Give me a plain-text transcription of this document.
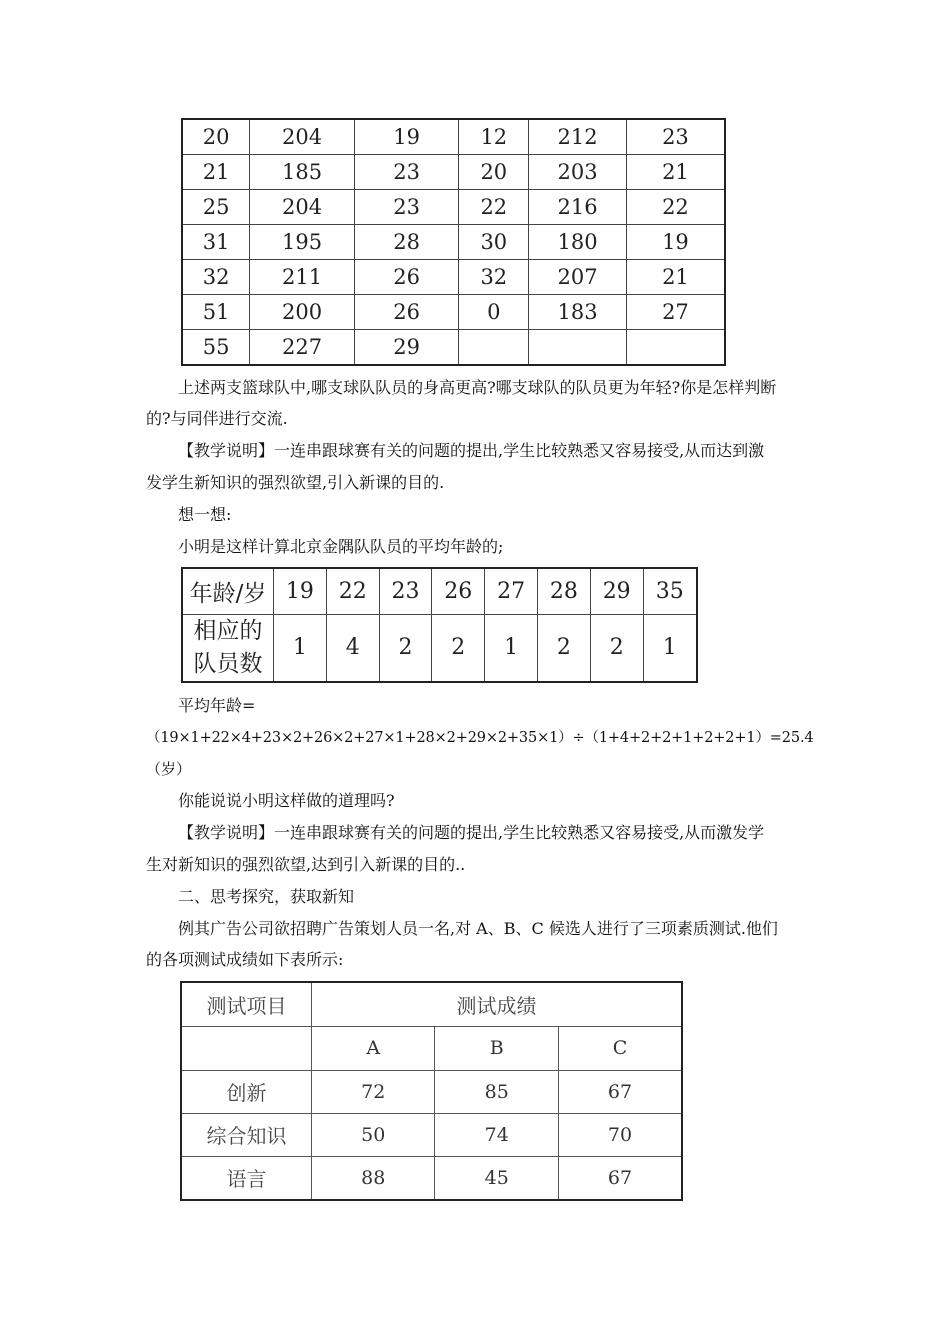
20	204	19	12	212	23
21	185	23	20	203	21
25	204	23	22	216	22
31	195	28	30	180	19
32	211	26	32	207	21
51	200	26	0	183	27
55	227	29			
上述两支篮球队中,哪支球队队员的身高更高?哪支球队的队员更为年轻?你是怎样判断
的?与同伴进行交流.
【教学说明】一连串跟球赛有关的问题的提出,学生比较熟悉又容易接受,从而达到激
发学生新知识的强烈欲望,引入新课的目的.
想一想:
小明是这样计算北京金隅队队员的平均年龄的;
年龄/岁	19	22	23	26	27	28	29	35

相应的
队员数	1	4	2	2	1	2	2	1
平均年龄=
（19×1+22×4+23×2+26×2+27×1+28×2+29×2+35×1）÷（1+4+2+2+1+2+2+1）=25.4
（岁）
你能说说小明这样做的道理吗?
【教学说明】一连串跟球赛有关的问题的提出,学生比较熟悉又容易接受,从而激发学
生对新知识的强烈欲望,达到引入新课的目的..
二、思考探究，获取新知
例其广告公司欲招聘广告策划人员一名,对 A、B、C 候选人进行了三项素质测试.他们
的各项测试成绩如下表所示:
测试项目	测试成绩		
	A	B	C
创新	72	85	67
综合知识	50	74	70
语言	88	45	67
